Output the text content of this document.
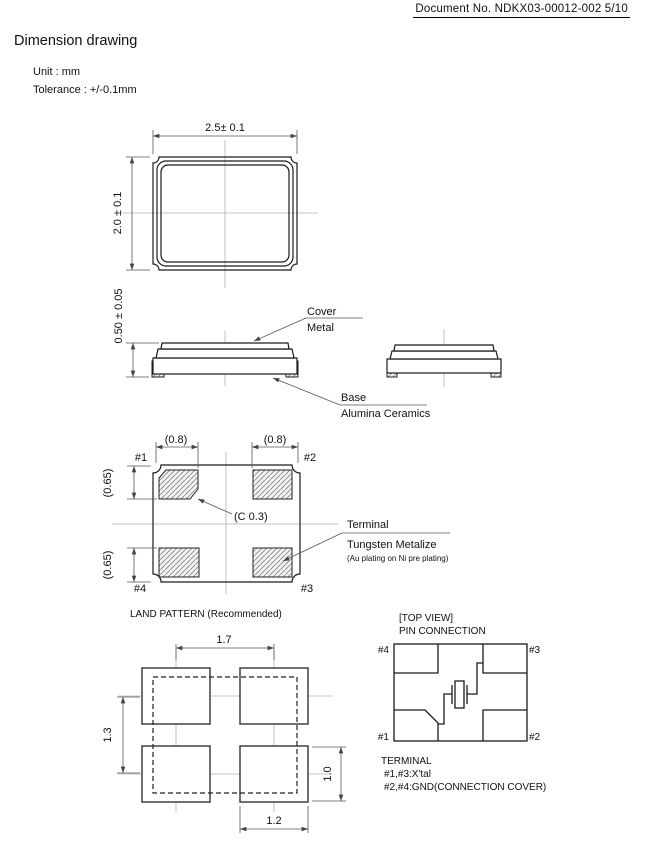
Document No. NDKX03-00012-002 5/10
Dimension drawing
Unit : mm
Tolerance : +/-0.1mm
2.5± 0.1
2.0 ± 0.1
0.50 ± 0.05	Cover
Metal
Base
Alumina Ceramics
#1	#2
#4	#3
(0.8)	(0.8)
(0.65)
(0.65)
(C 0.3)
Terminal
Tungsten Metalize
(Au plating on Ni pre plating)
LAND PATTERN (Recommended)
1.7
1.3
1.0
1.2
[TOP VIEW]
PIN CONNECTION
#4	#3
#1	#2
TERMINAL
#1,#3:X'tal
#2,#4:GND(CONNECTION COVER)
